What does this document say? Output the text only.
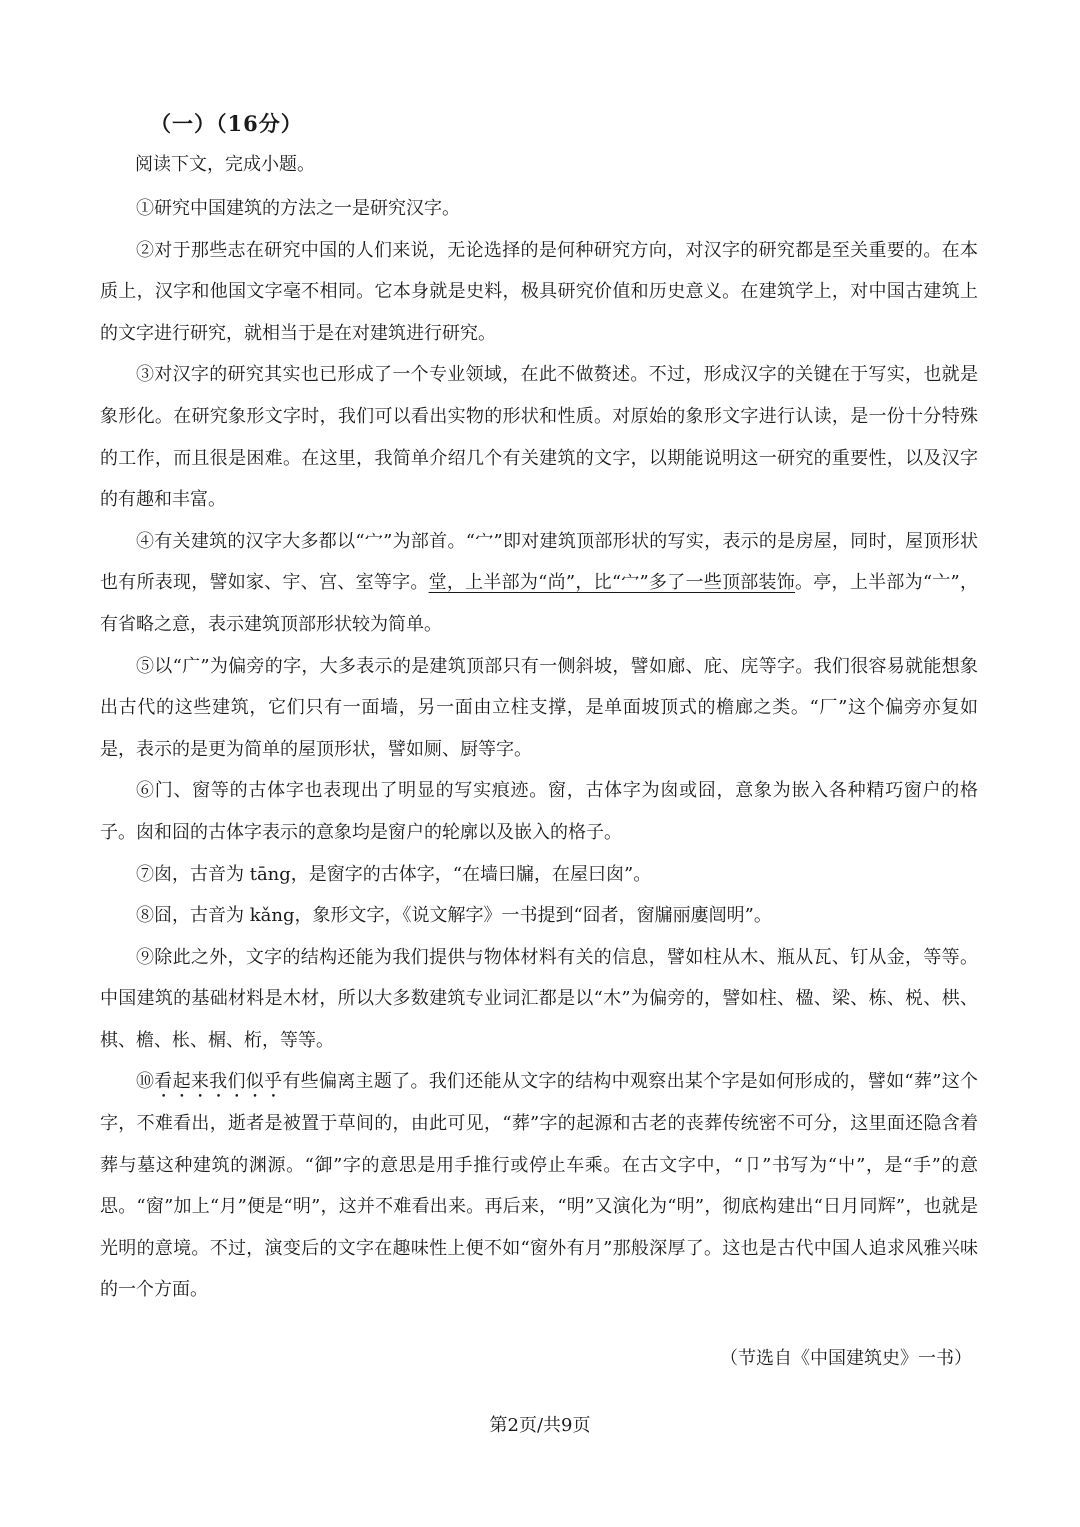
（一）（16分）
阅读下文，完成小题。

①研究中国建筑的方法之一是研究汉字。

②对于那些志在研究中国的人们来说，无论选择的是何种研究方向，对汉字的研究都是至关重要的。在本质上，汉字和他国文字毫不相同。它本身就是史料，极具研究价值和历史意义。在建筑学上，对中国古建筑上的文字进行研究，就相当于是在对建筑进行研究。

③对汉字的研究其实也已形成了一个专业领域，在此不做赘述。不过，形成汉字的关键在于写实，也就是象形化。在研究象形文字时，我们可以看出实物的形状和性质。对原始的象形文字进行认读，是一份十分特殊的工作，而且很是困难。在这里，我简单介绍几个有关建筑的文字，以期能说明这一研究的重要性，以及汉字的有趣和丰富。

④有关建筑的汉字大多都以“宀”为部首。“宀”即对建筑顶部形状的写实，表示的是房屋，同时，屋顶形状也有所表现，譬如家、宇、宫、室等字。堂，上半部为“尚”，比“宀”多了一些顶部装饰。亭，上半部为“亠”，有省略之意，表示建筑顶部形状较为简单。

⑤以“广”为偏旁的字，大多表示的是建筑顶部只有一侧斜坡，譬如廊、庇、庑等字。我们很容易就能想象出古代的这些建筑，它们只有一面墙，另一面由立柱支撑，是单面坡顶式的檐廊之类。“厂”这个偏旁亦复如是，表示的是更为简单的屋顶形状，譬如厕、厨等字。

⑥门、窗等的古体字也表现出了明显的写实痕迹。窗，古体字为囱或囧，意象为嵌入各种精巧窗户的格子。囱和囧的古体字表示的意象均是窗户的轮廓以及嵌入的格子。

⑦囱，古音为 tāng，是窗字的古体字，“在墙曰牖，在屋曰囱”。

⑧囧，古音为 kǎng，象形文字，《说文解字》一书提到“囧者，窗牖丽廔闿明”。

⑨除此之外，文字的结构还能为我们提供与物体材料有关的信息，譬如柱从木、瓶从瓦、钉从金，等等。中国建筑的基础材料是木材，所以大多数建筑专业词汇都是以“木”为偏旁的，譬如柱、楹、梁、栋、棁、栱、棋、檐、枨、榍、桁，等等。

⑩看起来我们似乎有些偏离主题了。我们还能从文字的结构中观察出某个字是如何形成的，譬如“葬”这个字，不难看出，逝者是被置于草间的，由此可见，“葬”字的起源和古老的丧葬传统密不可分，这里面还隐含着葬与墓这种建筑的渊源。“御”字的意思是用手推行或停止车乘。在古文字中，“卩”书写为“屮”，是“手”的意思。“窗”加上“月”便是“明”，这并不难看出来。再后来，“明”又演化为“明”，彻底构建出“日月同辉”，也就是光明的意境。不过，演变后的文字在趣味性上便不如“窗外有月”那般深厚了。这也是古代中国人追求风雅兴味的一个方面。

（节选自《中国建筑史》一书）
第2页/共9页
